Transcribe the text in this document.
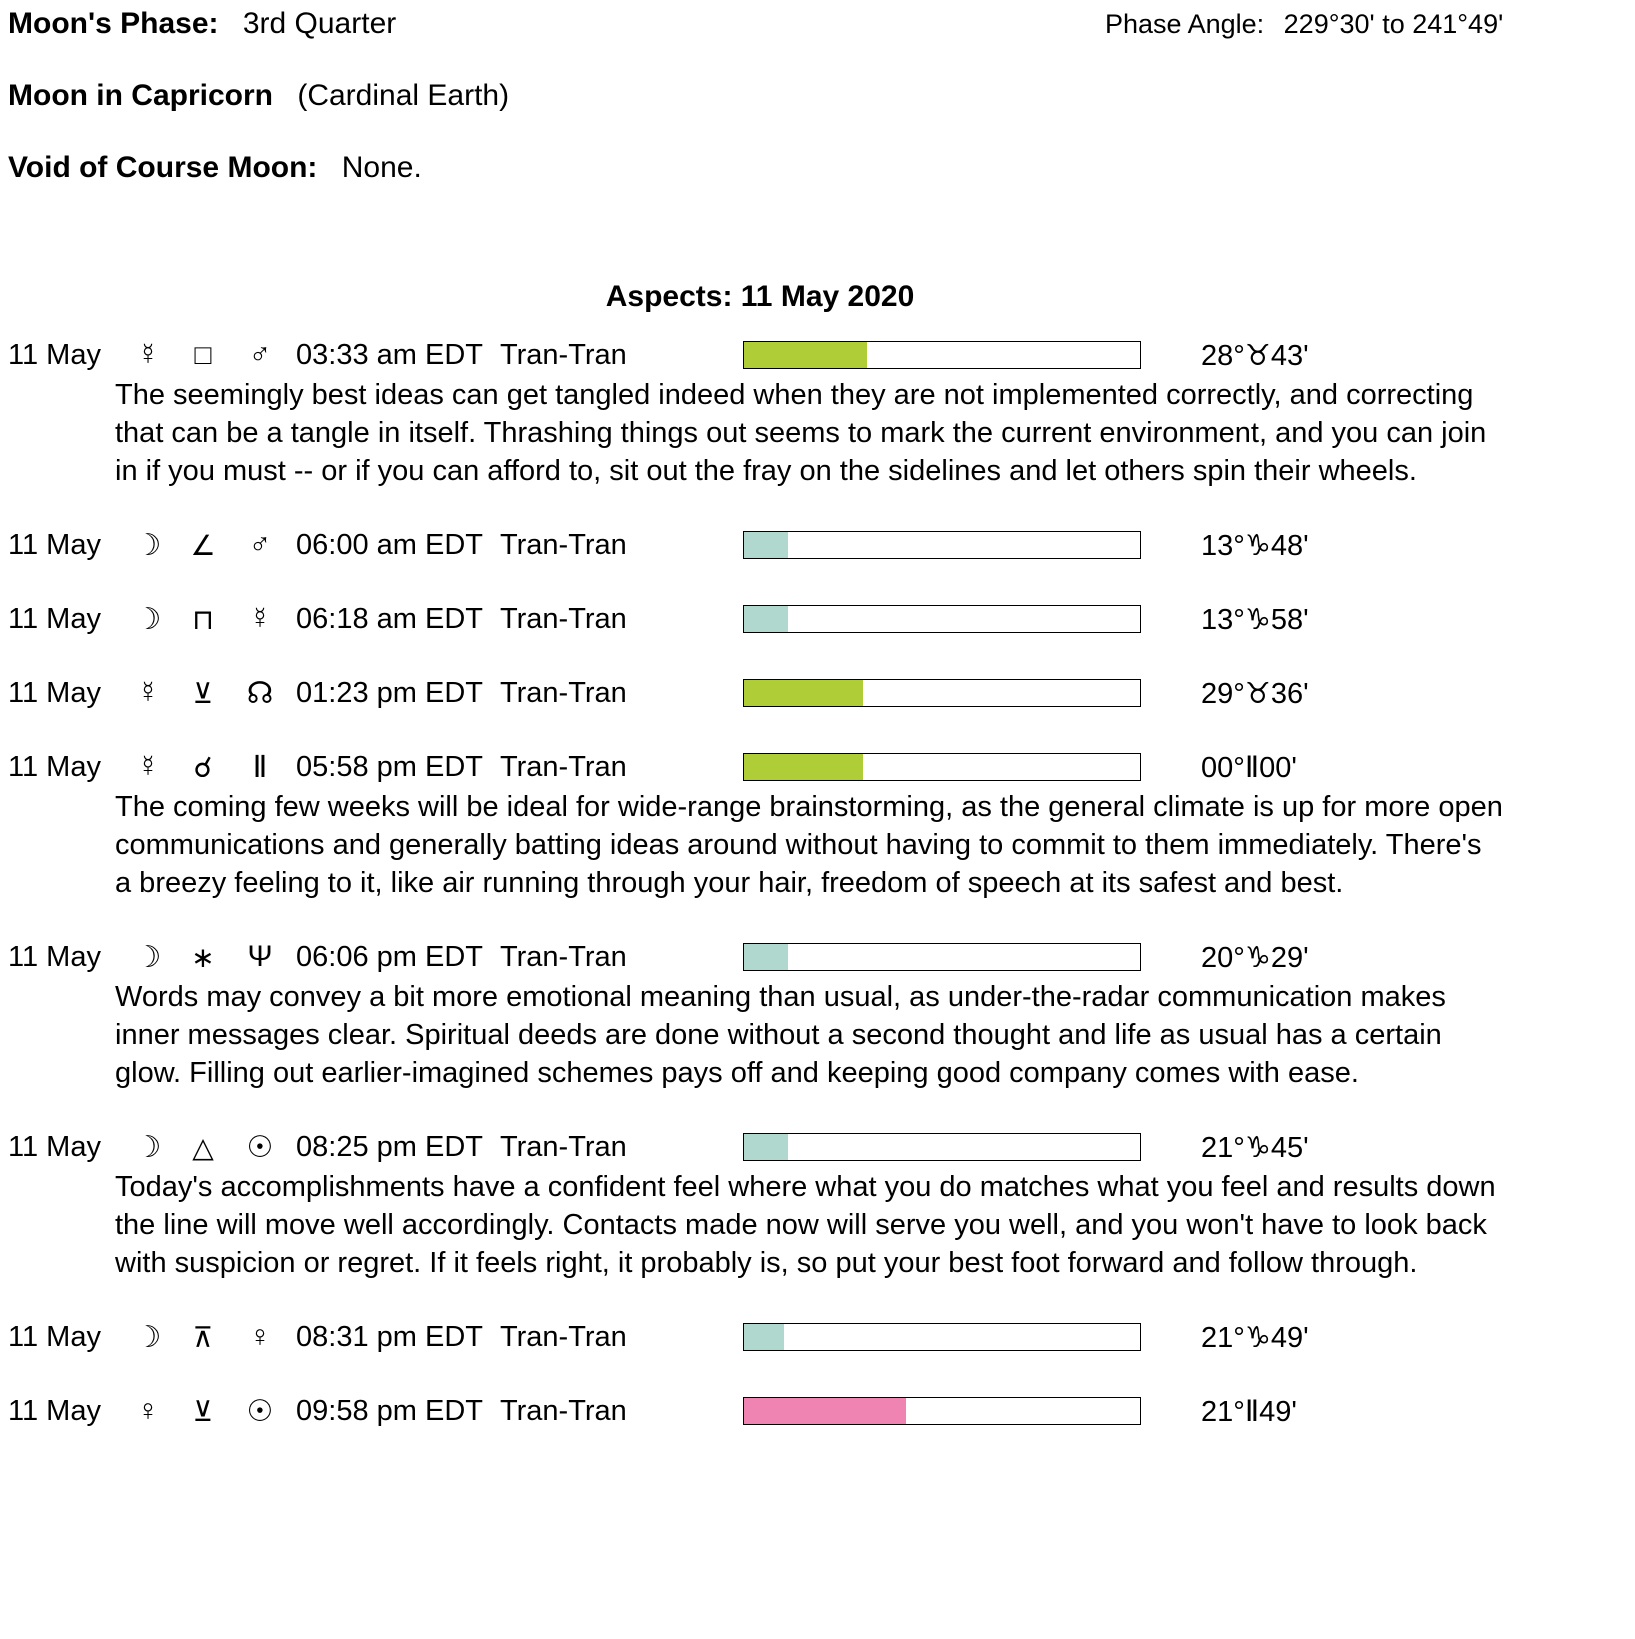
Moon's Phase: 3rd Quarter	Phase Angle: 229°30' to 241°49'
Moon in Capricorn (Cardinal Earth)
Void of Course Moon: None.
Aspects: 11 May 2020
11 May	☿	□	♂ 03:33 am EDT Tran-Tran	28°♉43'

The seemingly best ideas can get tangled indeed when they are not implemented correctly, and correcting that can be a tangle in itself. Thrashing things out seems to mark the current environment, and you can join in if you must -- or if you can afford to, sit out the fray on the sidelines and let others spin their wheels.

11 May	☽	∠	♂ 06:00 am EDT Tran-Tran	13°♑48'
11 May	☽	⊓	☿ 06:18 am EDT Tran-Tran	13°♑58'
11 May	☿	⊻	☊ 01:23 pm EDT Tran-Tran	29°♉36'
11 May	☿	☌	Ⅱ 05:58 pm EDT Tran-Tran	00°Ⅱ00'

The coming few weeks will be ideal for wide-range brainstorming, as the general climate is up for more open communications and generally batting ideas around without having to commit to them immediately. There's a breezy feeling to it, like air running through your hair, freedom of speech at its safest and best.

11 May	☽	∗	Ψ 06:06 pm EDT Tran-Tran	20°♑29'

Words may convey a bit more emotional meaning than usual, as under-the-radar communication makes inner messages clear. Spiritual deeds are done without a second thought and life as usual has a certain glow. Filling out earlier-imagined schemes pays off and keeping good company comes with ease.

11 May	☽	△	☉ 08:25 pm EDT Tran-Tran	21°♑45'

Today's accomplishments have a confident feel where what you do matches what you feel and results down the line will move well accordingly. Contacts made now will serve you well, and you won't have to look back with suspicion or regret. If it feels right, it probably is, so put your best foot forward and follow through.

11 May	☽	⊼	♀ 08:31 pm EDT Tran-Tran	21°♑49'
11 May	♀	⊻	☉ 09:58 pm EDT Tran-Tran	21°Ⅱ49'
